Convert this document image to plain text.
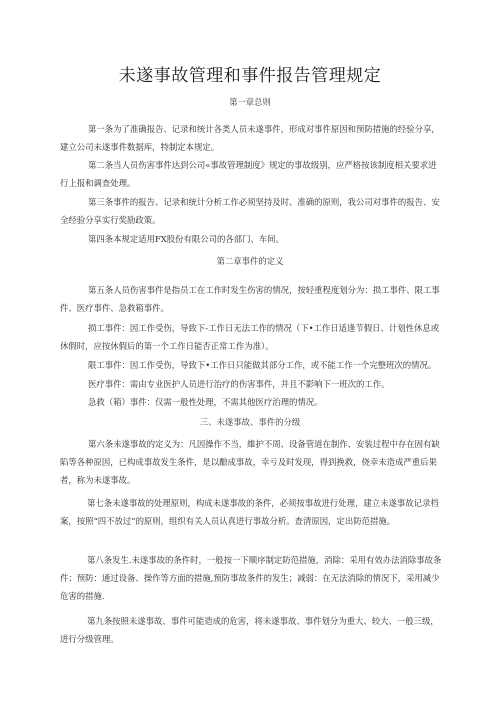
未遂事故管理和事件报告管理规定
第一章总则
第一条为了准确报告、记录和统计各类人员未遂事件，形成对事件原因和预防措施的经验分享，建立公司未遂事件数据库，特制定本规定。
第二条当人员伤害事件达到公司«事故管理制度》规定的事故级别，应严格按该制度相关要求进行上报和调查处理。
第三条事件的报告、记录和统计分析工作必须坚持及时、准确的原则，我公司对事件的报告、安全经验分享实行奖励政策。
第四条本规定适用FX股份有限公司的各部门、车间。
第二章事件的定义
第五条人员伤害事件是指员工在工作时发生伤害的情况，按轻重程度划分为：损工事件、限工事件、医疗事件、急救箱事件。
损工事件：因工作受伤，导致下-工作日无法工作的情况（下•工作日适逢节假日、计划性休息或休假时，应按休假后的第一个工作日能否正常工作为准）。
限工事件：因工作受伤，导致下•工作日只能做其部分工作，或不能工作一个完整班次的情况。
医疗事件：需由专业医护人员进行治疗的伤害事件，并且不影响下一班次的工作。
急救（箱）事件：仅需一般性处理，不需其他医疗治理的情况。
三、未遂事故、事件的分级
第六条未遂事故的定义为：凡因操作不当，維护不周、设备管道在制作、安装过程中存在固有缺陷等各种原因，已构成事故发生条件，是以酿成事故，幸亏及时发现，得到挽救，侥幸未造成严重后果者，称为未遂事故。
第七条未遂事故的处理原则，构成未遂事故的条件，必须按事故进行处理，建立未遂事故记录档案，按照“四不放过”的原则，组织有关人员认真进行事故分析。查清原因，定出防范措施。
第八条发生.未遂事故的条件时，一般按一下顺序制定防范措施，消除：采用有效办法消除事故条件；预防：通过设备、操作等方面的措施,预防事故条件的发生；减弱：在无法消除的情况下，采用减少危害的措施.
第九条按照未遂事故、事件可能造成的危害，将未遂事故、事件划分为重大、较大、一般三级，进行分级管理。
